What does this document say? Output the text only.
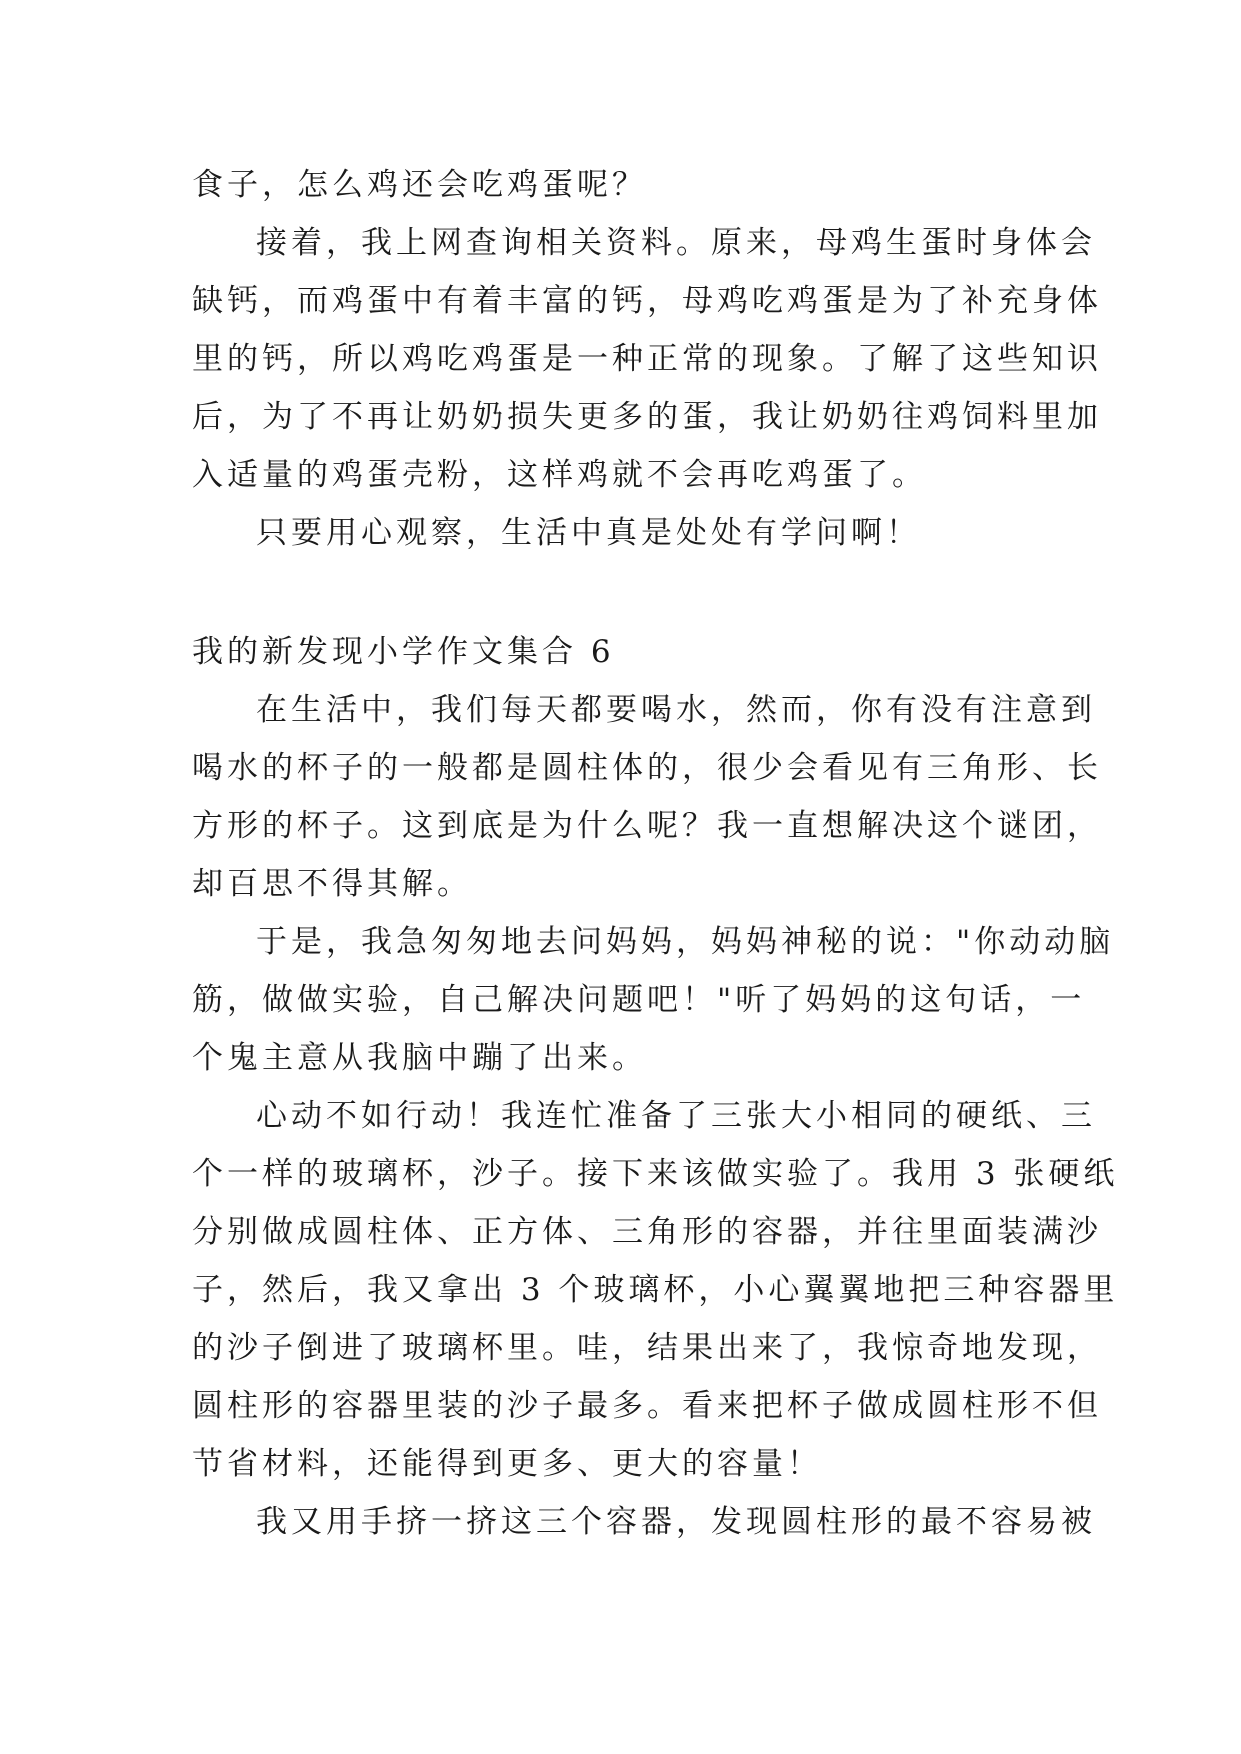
食子，怎么鸡还会吃鸡蛋呢？
接着，我上网查询相关资料。原来，母鸡生蛋时身体会
缺钙，而鸡蛋中有着丰富的钙，母鸡吃鸡蛋是为了补充身体
里的钙，所以鸡吃鸡蛋是一种正常的现象。了解了这些知识
后，为了不再让奶奶损失更多的蛋，我让奶奶往鸡饲料里加
入适量的鸡蛋壳粉，这样鸡就不会再吃鸡蛋了。
只要用心观察，生活中真是处处有学问啊！
我的新发现小学作文集合 6
在生活中，我们每天都要喝水，然而，你有没有注意到
喝水的杯子的一般都是圆柱体的，很少会看见有三角形、长
方形的杯子。这到底是为什么呢？我一直想解决这个谜团，
却百思不得其解。
于是，我急匆匆地去问妈妈，妈妈神秘的说："你动动脑
筋，做做实验，自己解决问题吧！"听了妈妈的这句话，一
个鬼主意从我脑中蹦了出来。
心动不如行动！我连忙准备了三张大小相同的硬纸、三
个一样的玻璃杯，沙子。接下来该做实验了。我用 3 张硬纸
分别做成圆柱体、正方体、三角形的容器，并往里面装满沙
子，然后，我又拿出 3 个玻璃杯，小心翼翼地把三种容器里
的沙子倒进了玻璃杯里。哇，结果出来了，我惊奇地发现，
圆柱形的容器里装的沙子最多。看来把杯子做成圆柱形不但
节省材料，还能得到更多、更大的容量！
我又用手挤一挤这三个容器，发现圆柱形的最不容易被
